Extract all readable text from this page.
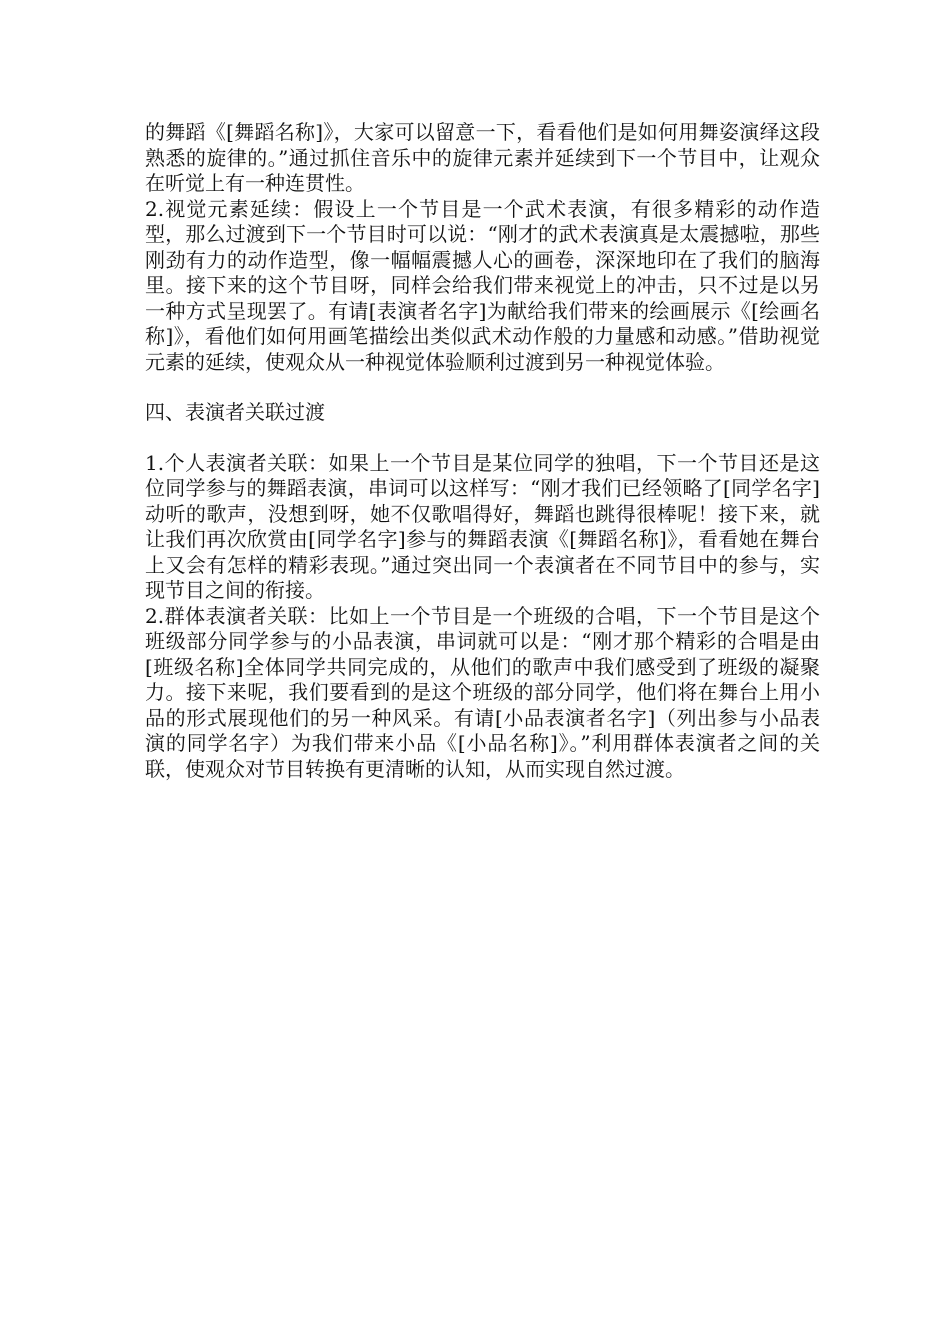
的舞蹈《[舞蹈名称]》，大家可以留意一下，看看他们是如何用舞姿演绎这段熟悉的旋律的。”通过抓住音乐中的旋律元素并延续到下一个节目中，让观众在听觉上有一种连贯性。

2.视觉元素延续：假设上一个节目是一个武术表演，有很多精彩的动作造型，那么过渡到下一个节目时可以说：“刚才的武术表演真是太震撼啦，那些刚劲有力的动作造型，像一幅幅震撼人心的画卷，深深地印在了我们的脑海里。接下来的这个节目呀，同样会给我们带来视觉上的冲击，只不过是以另一种方式呈现罢了。有请[表演者名字]为献给我们带来的绘画展示《[绘画名称]》，看他们如何用画笔描绘出类似武术动作般的力量感和动感。”借助视觉元素的延续，使观众从一种视觉体验顺利过渡到另一种视觉体验。

四、表演者关联过渡

1.个人表演者关联：如果上一个节目是某位同学的独唱，下一个节目还是这位同学参与的舞蹈表演，串词可以这样写：“刚才我们已经领略了[同学名字]动听的歌声，没想到呀，她不仅歌唱得好，舞蹈也跳得很棒呢！接下来，就让我们再次欣赏由[同学名字]参与的舞蹈表演《[舞蹈名称]》，看看她在舞台上又会有怎样的精彩表现。”通过突出同一个表演者在不同节目中的参与，实现节目之间的衔接。

2.群体表演者关联：比如上一个节目是一个班级的合唱，下一个节目是这个班级部分同学参与的小品表演，串词就可以是：“刚才那个精彩的合唱是由[班级名称]全体同学共同完成的，从他们的歌声中我们感受到了班级的凝聚力。接下来呢，我们要看到的是这个班级的部分同学，他们将在舞台上用小品的形式展现他们的另一种风采。有请[小品表演者名字]（列出参与小品表演的同学名字）为我们带来小品《[小品名称]》。”利用群体表演者之间的关联，使观众对节目转换有更清晰的认知，从而实现自然过渡。
